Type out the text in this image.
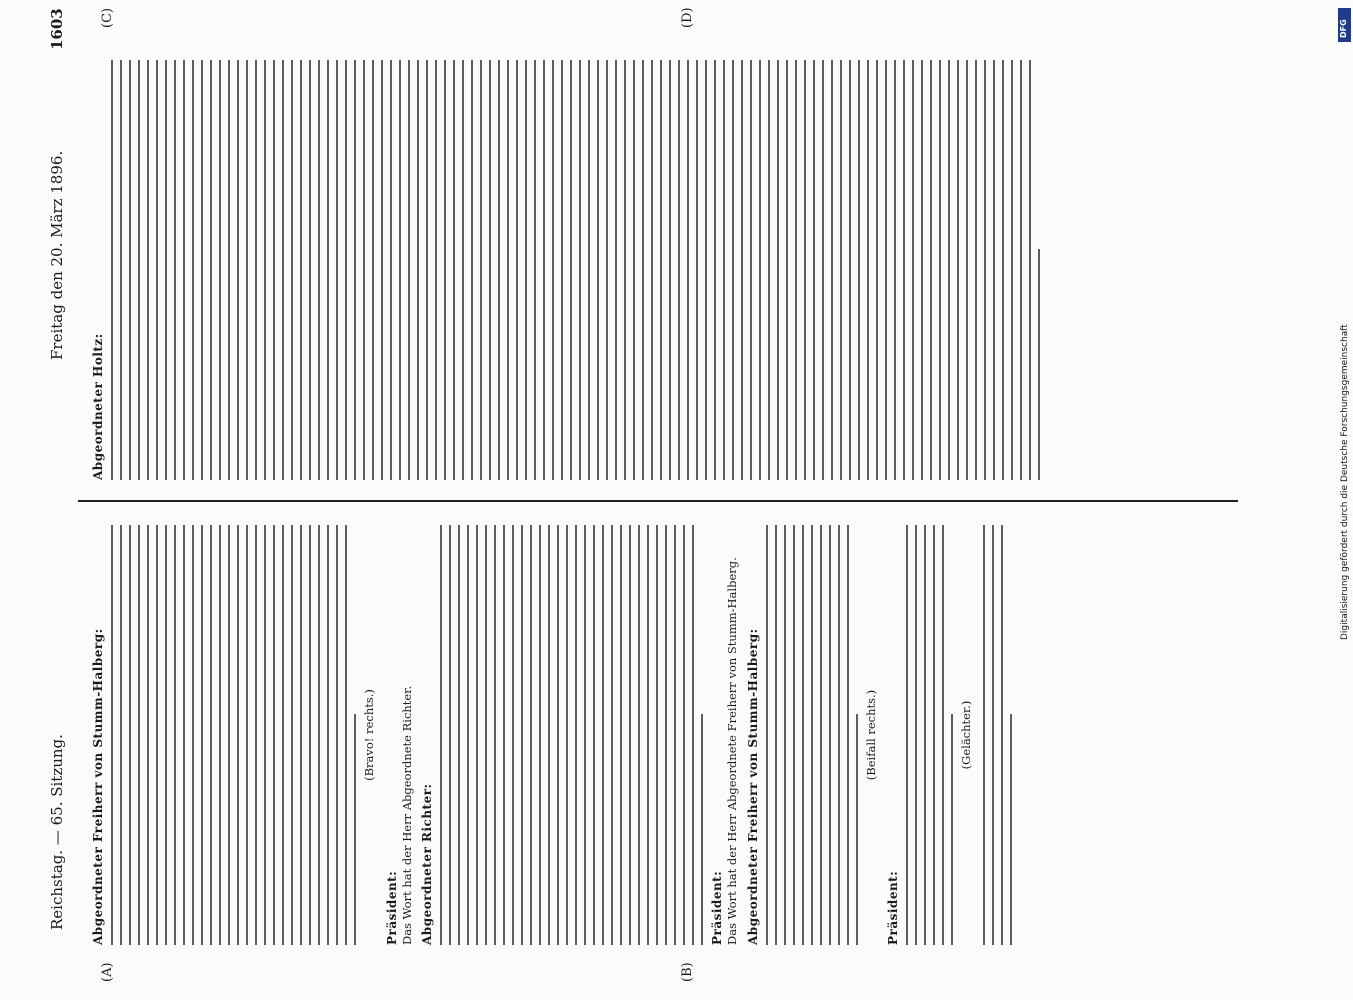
Reichstag. — 65. Sitzung.
Freitag den 20. März 1896.
1603
(A)	(B)
(C)	(D)
Abgeordneter Freiherr von Stumm-Halberg:	(Bravo! rechts.)
Präsident: Das Wort hat der Herr Abgeordnete Richter. Abgeordneter Richter:	Präsident: Das Wort hat der Herr Abgeordnete Freiherr von Stumm-Halberg. Abgeordneter Freiherr von Stumm-Halberg:	(Beifall rechts.)
Präsident:
(Gelächter.)
Abgeordneter Holtz:
DFG
Digitalisierung gefördert durch die Deutsche Forschungsgemeinschaft
